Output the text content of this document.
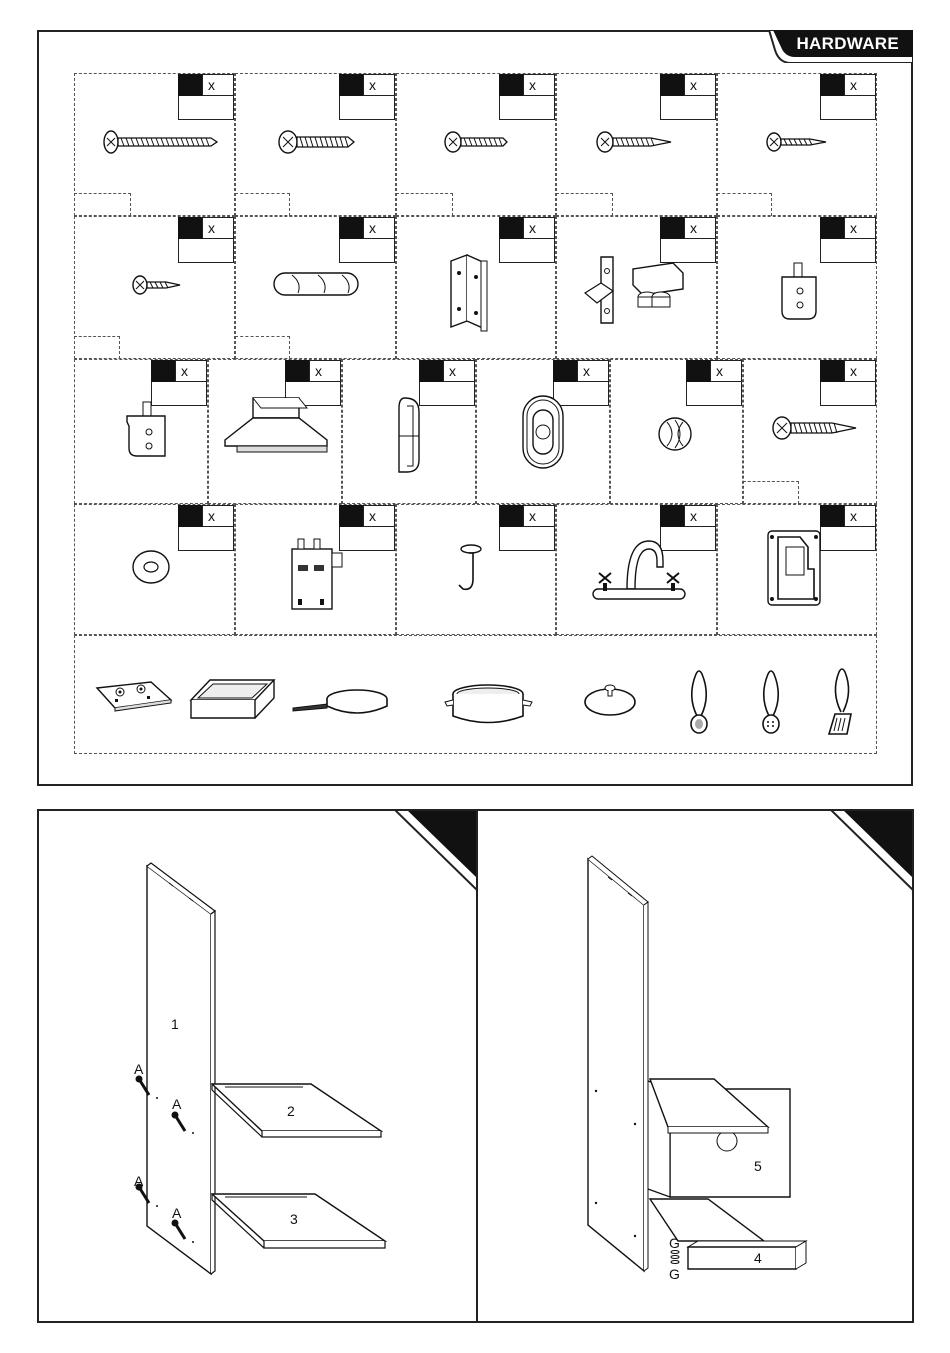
HARDWARE
x	x	x	x	x
x	x	x	x	x
x	x	x	x	x	x
x	x	x	x	x
1
2
3
A
A
A
A
5
4
G
G
